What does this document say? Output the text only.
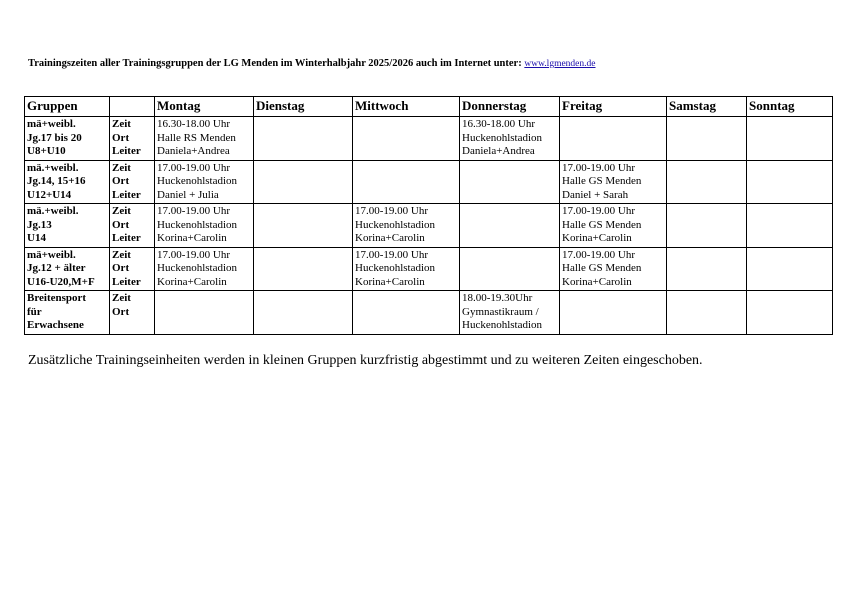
Trainingszeiten aller Trainingsgruppen der LG Menden im Winterhalbjahr 2025/2026 auch im Internet unter: www.lgmenden.de
Gruppen		Montag	Dienstag	Mittwoch	Donnerstag	Freitag	Samstag	Sonntag

mä+weibl.
Jg.17 bis 20
U8+U10	Zeit
Ort
Leiter	16.30-18.00 Uhr
Halle RS Menden
Daniela+Andrea			16.30-18.00 Uhr
Huckenohlstadion
Daniela+Andrea			

mä.+weibl.
Jg.14, 15+16
U12+U14	Zeit
Ort
Leiter	17.00-19.00 Uhr
Huckenohlstadion
Daniel + Julia				17.00-19.00 Uhr
Halle GS Menden
Daniel + Sarah		

mä.+weibl.
Jg.13
U14	Zeit
Ort
Leiter	17.00-19.00 Uhr
Huckenohlstadion
Korina+Carolin		17.00-19.00 Uhr
Huckenohlstadion
Korina+Carolin		17.00-19.00 Uhr
Halle GS Menden
Korina+Carolin		

mä+weibl.
Jg.12 + älter
U16-U20,M+F	Zeit
Ort
Leiter	17.00-19.00 Uhr
Huckenohlstadion
Korina+Carolin		17.00-19.00 Uhr
Huckenohlstadion
Korina+Carolin		17.00-19.00 Uhr
Halle GS Menden
Korina+Carolin		

Breitensport
für
Erwachsene	Zeit
Ort				18.00-19.30Uhr
Gymnastikraum /
Huckenohlstadion			

Zusätzliche Trainingseinheiten werden in kleinen Gruppen kurzfristig abgestimmt und zu weiteren Zeiten eingeschoben.
